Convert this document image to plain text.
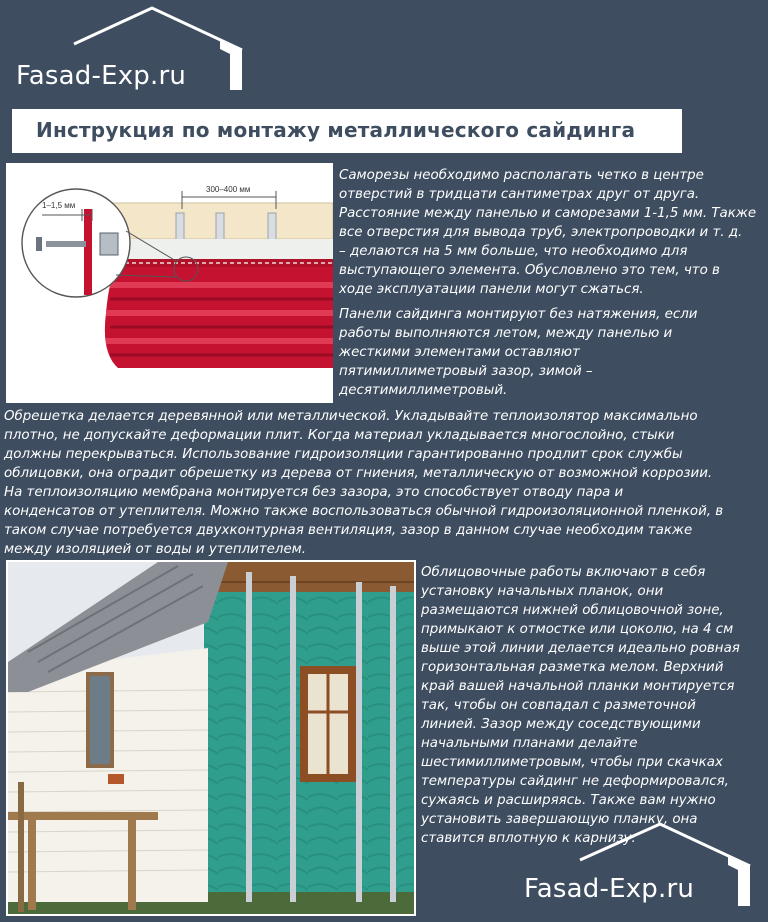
Fasad-Exp.ru
Инструкция по монтажу металлического сайдинга
1–1,5 мм
300–400 мм
Саморезы необходимо располагать четко в центре
отверстий в тридцати сантиметрах друг от друга.
Расстояние между панелью и саморезами 1-1,5 мм. Также
все отверстия для вывода труб, электропроводки и т. д.
– делаются на 5 мм больше, что необходимо для
выступающего элемента. Обусловлено это тем, что в
ходе эксплуатации панели могут сжаться.
Панели сайдинга монтируют без натяжения, если
работы выполняются летом, между панелью и
жесткими элементами оставляют
пятимиллиметровый зазор, зимой –
десятимиллиметровый.
Обрешетка делается деревянной или металлической. Укладывайте теплоизолятор максимально
плотно, не допускайте деформации плит. Когда материал укладывается многослойно, стыки
должны перекрываться. Использование гидроизоляции гарантированно продлит срок службы
облицовки, она оградит обрешетку из дерева от гниения, металлическую от возможной коррозии.
На теплоизоляцию мембрана монтируется без зазора, это способствует отводу пара и
конденсатов от утеплителя. Можно также воспользоваться обычной гидроизоляционной пленкой, в
таком случае потребуется двухконтурная вентиляция, зазор в данном случае необходим также
между изоляцией от воды и утеплителем.
Облицовочные работы включают в себя
установку начальных планок, они
размещаются нижней облицовочной зоне,
примыкают к отмостке или цоколю, на 4 см
выше этой линии делается идеально ровная
горизонтальная разметка мелом. Верхний
край вашей начальной планки монтируется
так, чтобы он совпадал с разметочной
линией. Зазор между соседствующими
начальными планами делайте
шестимиллиметровым, чтобы при скачках
температуры сайдинг не деформировался,
сужаясь и расширяясь. Также вам нужно
установить завершающую планку, она
ставится вплотную к карнизу.
Fasad-Exp.ru
